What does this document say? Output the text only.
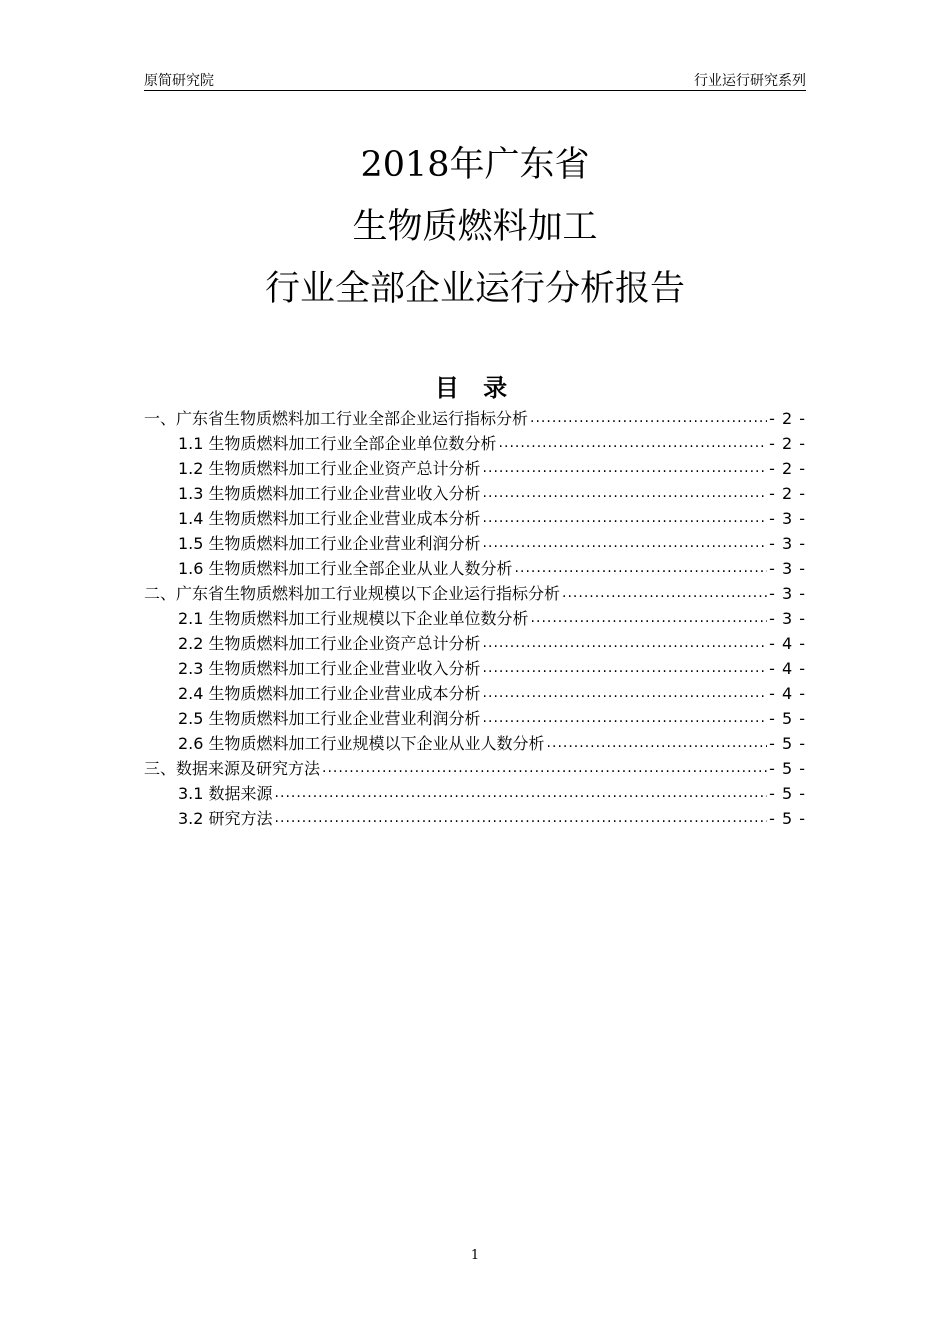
原简研究院	行业运行研究系列
2018年广东省
生物质燃料加工
行业全部企业运行分析报告
目 录
一、广东省生物质燃料加工行业全部企业运行指标分析 .....	- 2 -
1.1 生物质燃料加工行业全部企业单位数分析 .....	- 2 -
1.2 生物质燃料加工行业企业资产总计分析 .....	- 2 -
1.3 生物质燃料加工行业企业营业收入分析 .....	- 2 -
1.4 生物质燃料加工行业企业营业成本分析 .....	- 3 -
1.5 生物质燃料加工行业企业营业利润分析 .....	- 3 -
1.6 生物质燃料加工行业全部企业从业人数分析 .....	- 3 -
二、广东省生物质燃料加工行业规模以下企业运行指标分析 .....	- 3 -
2.1 生物质燃料加工行业规模以下企业单位数分析 .....	- 3 -
2.2 生物质燃料加工行业企业资产总计分析 .....	- 4 -
2.3 生物质燃料加工行业企业营业收入分析 .....	- 4 -
2.4 生物质燃料加工行业企业营业成本分析 .....	- 4 -
2.5 生物质燃料加工行业企业营业利润分析 .....	- 5 -
2.6 生物质燃料加工行业规模以下企业从业人数分析 .....	- 5 -
三、数据来源及研究方法 .....	- 5 -
3.1 数据来源 .....	- 5 -
3.2 研究方法 .....	- 5 -
1
